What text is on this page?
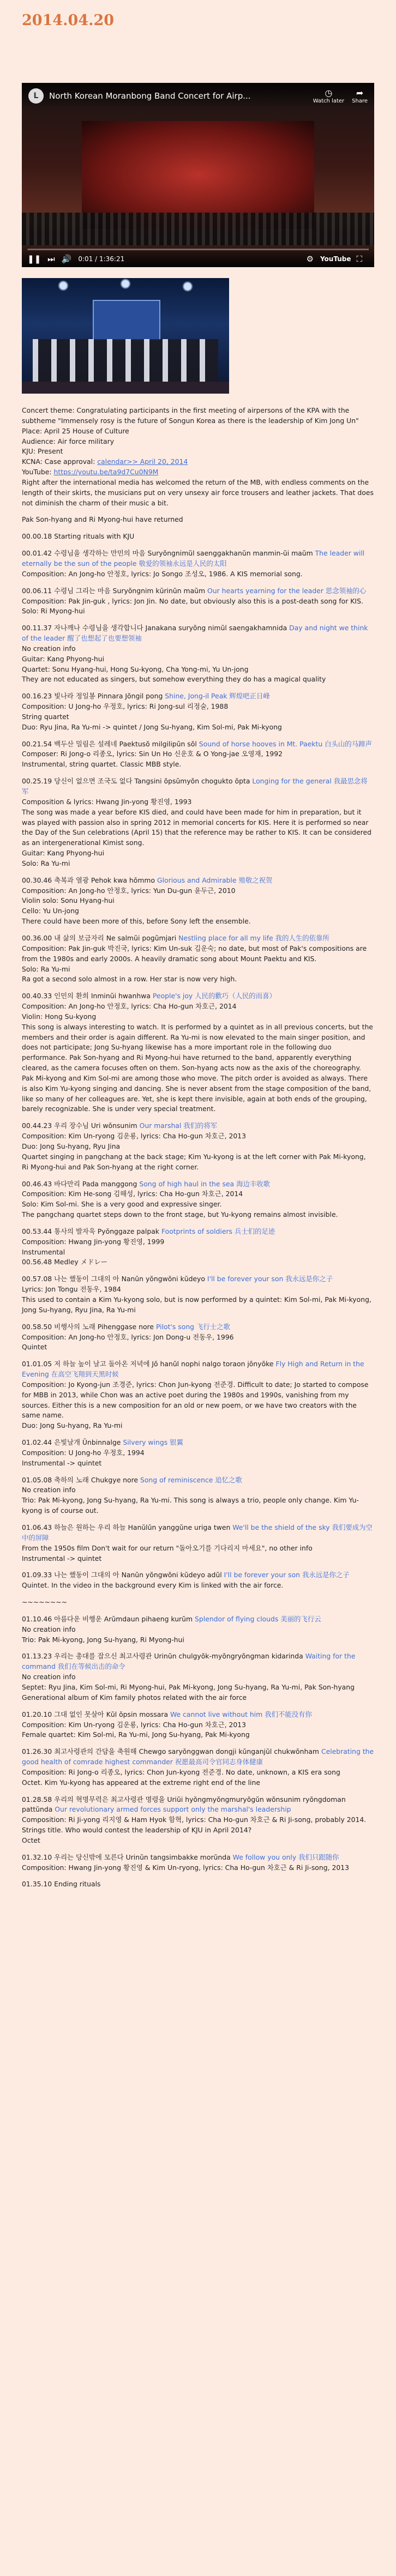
2014.04.20
L	North Korean Moranbong Band Concert for Airp...	◷
Watch later
➦
Share
❚❚ ⏭ 🔊 0:01 / 1:36:21	⚙ YouTube ⛶

Concert theme: Congratulating participants in the first meeting of airpersons of the KPA with the subtheme "Immensely rosy is the future of Songun Korea as there is the leadership of Kim Jong Un"
Place: April 25 House of Culture
Audience: Air force military
KJU: Present
KCNA: Case approval: calendar>> April 20, 2014
YouTube: https://youtu.be/ta9d7Cu0N9M
Right after the international media has welcomed the return of the MB, with endless comments on the length of their skirts, the musicians put on very unsexy air force trousers and leather jackets. That does not diminish the charm of their music a bit.

Pak Son-hyang and Ri Myong-hui have returned

00.00.18 Starting rituals with KJU

00.01.42 수령님을 생각하는 만민의 마음 Suryŏngnimŭl saenggakhanŭn manmin-ŭi maŭm The leader will eternally be the sun of the people 敬爱的领袖永远是人民的太阳
Composition: An Jong-ho 안정호, lyrics: Jo Songo 조성오, 1986. A KIS memorial song.

00.06.11 수령님 그리는 마음 Suryŏngnim kŭrinŭn maŭm Our hearts yearning for the leader 思念领袖的心
Composition: Pak Jin-guk , lyrics: Jon Jin. No date, but obviously also this is a post-death song for KIS.
Solo: Ri Myong-hui

00.11.37 자나깨나 수령님을 생각합니다 Janakana suryŏng nimŭl saengakhamnida Day and night we think of the leader 醒了也想起了也要想领袖
No creation info
Guitar: Kang Phyong-hui
Quartet: Sonu Hyang-hui, Hong Su-kyong, Cha Yong-mi, Yu Un-jong
They are not educated as singers, but somehow everything they do has a magical quality

00.16.23 빛나라 정일봉 Pinnara Jŏngil pong Shine, Jong-il Peak 辉煌吧正日峰
Composition: U Jong-ho 우정호, lyrics: Ri Jong-sul 리정술, 1988
String quartet
Duo: Ryu Jina, Ra Yu-mi -> quintet / Jong Su-hyang, Kim Sol-mi, Pak Mi-kyong

00.21.54 백두산 밀림은 설레네 Paektusŏ milgilipŭn sŏl Sound of horse hooves in Mt. Paektu 白头山的马蹄声
Composer: Ri Jong-o 리종오, lyrics: Sin Un Ho 신운호 & O Yong-jae 오영재, 1992
Instrumental, string quartet. Classic MBB style.

00.25.19 당신이 없으면 조국도 없다 Tangsini ŏpsŭmyŏn chogukto ŏpta Longing for the general 我最思念将军
Composition & lyrics: Hwang Jin-yong 황진영, 1993
The song was made a year before KIS died, and could have been made for him in preparation, but it was played with passion also in spring 2012 in memorial concerts for KIS. Here it is performed so near the Day of the Sun celebrations (April 15) that the reference may be rather to KIS. It can be considered as an intergenerational Kimist song.
Guitar: Kang Phyong-hui
Solo: Ra Yu-mi

00.30.46 축복과 열광 Pehok kwa hŏmmo Glorious and Admirable 殖敬之祝贺
Composition: An Jong-ho 안정호, lyrics: Yun Du-gun 윤두근, 2010
Violin solo: Sonu Hyang-hui
Cello: Yu Un-jong
There could have been more of this, before Sony left the ensemble.

00.36.00 내 삶의 보금자리 Ne salmŭi pogŭmjari Nestling place for all my life 我的人生的依靠所
Composition: Pak Jin-guk 박진국, lyrics: Kim Un-suk 김운숙; no date, but most of Pak's compositions are from the 1980s and early 2000s. A heavily dramatic song about Mount Paektu and KIS.
Solo: Ra Yu-mi
Ra got a second solo almost in a row. Her star is now very high.

00.40.33 인민의 환희 Inminŭi hwanhwa People's joy 人民的歡巧（人民的而喜）
Composition: An Jong-ho 안정호, lyrics: Cha Ho-gun 차호근, 2014
Violin: Hong Su-kyong
This song is always interesting to watch. It is performed by a quintet as in all previous concerts, but the members and their order is again different. Ra Yu-mi is now elevated to the main singer position, and does not participate; Jong Su-hyang likewise has a more important role in the following duo performance. Pak Son-hyang and Ri Myong-hui have returned to the band, apparently everything cleared, as the camera focuses often on them. Son-hyang acts now as the axis of the choreography. Pak Mi-kyong and Kim Sol-mi are among those who move. The pitch order is avoided as always. There is also Kim Yu-kyong singing and dancing. She is never absent from the stage composition of the band, like so many of her colleagues are. Yet, she is kept there invisible, again at both ends of the grouping, barely recognizable. She is under very special treatment.

00.44.23 우리 장수님 Uri wŏnsunim Our marshal 我们的将军
Composition: Kim Un-ryong 김운룡, lyrics: Cha Ho-gun 차호근, 2013
Duo: Jong Su-hyang, Ryu Jina
Quartet singing in pangchang at the back stage; Kim Yu-kyong is at the left corner with Pak Mi-kyong, Ri Myong-hui and Pak Son-hyang at the right corner.

00.46.43 바다만리 Pada manggong Song of high haul in the sea 海边丰收歌
Composition: Kim He-song 김해성, lyrics: Cha Ho-gun 차호근, 2014
Solo: Kim Sol-mi. She is a very good and expressive singer.
The pangchang quartet steps down to the front stage, but Yu-kyong remains almost invisible.

00.53.44 통사의 발자욱 Pyŏnggaze palpak Footprints of soldiers 兵士们的足迹
Composition: Hwang Jin-yong 황진영, 1999
Instrumental
00.56.48 Medley メドレー

00.57.08 나는 했동이 그대의 아 Nanŭn yŏngwŏni kŭdeyo I'll be forever your son 我永远是你之子
Lyrics: Jon Tongu 전동우, 1984
This used to contain a Kim Yu-kyong solo, but is now performed by a quintet: Kim Sol-mi, Pak Mi-kyong, Jong Su-hyang, Ryu Jina, Ra Yu-mi

00.58.50 비행사의 노래 Pihenggase nore Pilot's song 飞行士之歌
Composition: An Jong-ho 안정호, lyrics: Jon Dong-u 전동우, 1996
Quintet

01.01.05 저 하늘 높이 날고 돌아온 저녁에 Jŏ hanŭl nophi nalgo toraon jŏnyŏke Fly High and Return in the Evening 在高空飞翔到天黑时候
Composition: Jo Kyong-jun 조경준, lyrics: Chon Jun-kyong 전준경. Difficult to date; Jo started to compose for MBB in 2013, while Chon was an active poet during the 1980s and 1990s, vanishing from my sources. Either this is a new composition for an old or new poem, or we have two creators with the same name.
Duo: Jong Su-hyang, Ra Yu-mi

01.02.44 은빛날개 Ŭnbinnalge Silvery wings 银翼
Composition: U Jong-ho 우정호, 1994
Instrumental -> quintet

01.05.08 축하의 노래 Chukgye nore Song of reminiscence 追忆之歌
No creation info
Trio: Pak Mi-kyong, Jong Su-hyang, Ra Yu-mi. This song is always a trio, people only change. Kim Yu-kyong is of course out.

01.06.43 하늘은 원하는 우리 하늘 Hanŭlŭn yanggŭne uriga twen We'll be the shield of the sky 我们要成为空中的屏障
From the 1950s film Don't wait for our return "돌아오기를 기다리지 마세요", no other info
Instrumental -> quintet

01.09.33 나는 했동이 그대의 아 Nanŭn yŏngwŏni kŭdeyo adŭl I'll be forever your son 我永远是你之子
Quintet. In the video in the background every Kim is linked with the air force.

~~~~~~~~

01.10.46 아름다운 비행운 Arŭmdaun pihaeng kurŭm Splendor of flying clouds 美丽的飞行云
No creation info
Trio: Pak Mi-kyong, Jong Su-hyang, Ri Myong-hui

01.13.23 우리는 총대를 잡으신 최고사령관 Urinŭn chulgyŏk-myŏngryŏngman kidarinda Waiting for the command 我们在等候出击的命令
No creation info
Septet: Ryu Jina, Kim Sol-mi, Ri Myong-hui, Pak Mi-kyong, Jong Su-hyang, Ra Yu-mi, Pak Son-hyang
Generational album of Kim family photos related with the air force

01.20.10 그대 없인 못살아 Kŭl ŏpsin mossara We cannot live without him 我们不能没有你
Composition: Kim Un-ryong 김운룡, lyrics: Cha Ho-gun 차호근, 2013
Female quartet: Kim Sol-mi, Ra Yu-mi, Jong Su-hyang, Pak Mi-kyong

01.26.30 최고사령관의 간담을 축원해 Chewgo saryŏnggwan dongji kŭnganjŭl chukwŏnham Celebrating the good health of comrade highest commander 祝愿最高司令官同志身体健康
Composition: Ri Jong-o 리종오, lyrics: Chon Jun-kyong 전준경. No date, unknown, a KIS era song
Octet. Kim Yu-kyong has appeared at the extreme right end of the line

01.28.58 우리의 혁명무력은 최고사령관 명령을 Uriŭi hyŏngmyŏngmuryŏgŭn wŏnsunim ryŏngdoman pattŭnda Our revolutionary armed forces support only the marshal's leadership
Composition: Ri Ji-yong 리지영 & Ham Hyok 함혁, lyrics: Cha Ho-gun 차호근 & Ri Ji-song, probably 2014. Strings title. Who would contest the leadership of KJU in April 2014?
Octet

01.32.10 우리는 당신밖에 모른다 Urinŭn tangsimbakke morŭnda We follow you only 我们只跟随你
Composition: Hwang Jin-yong 황진영 & Kim Un-ryong, lyrics: Cha Ho-gun 차호근 & Ri Ji-song, 2013

01.35.10 Ending rituals
